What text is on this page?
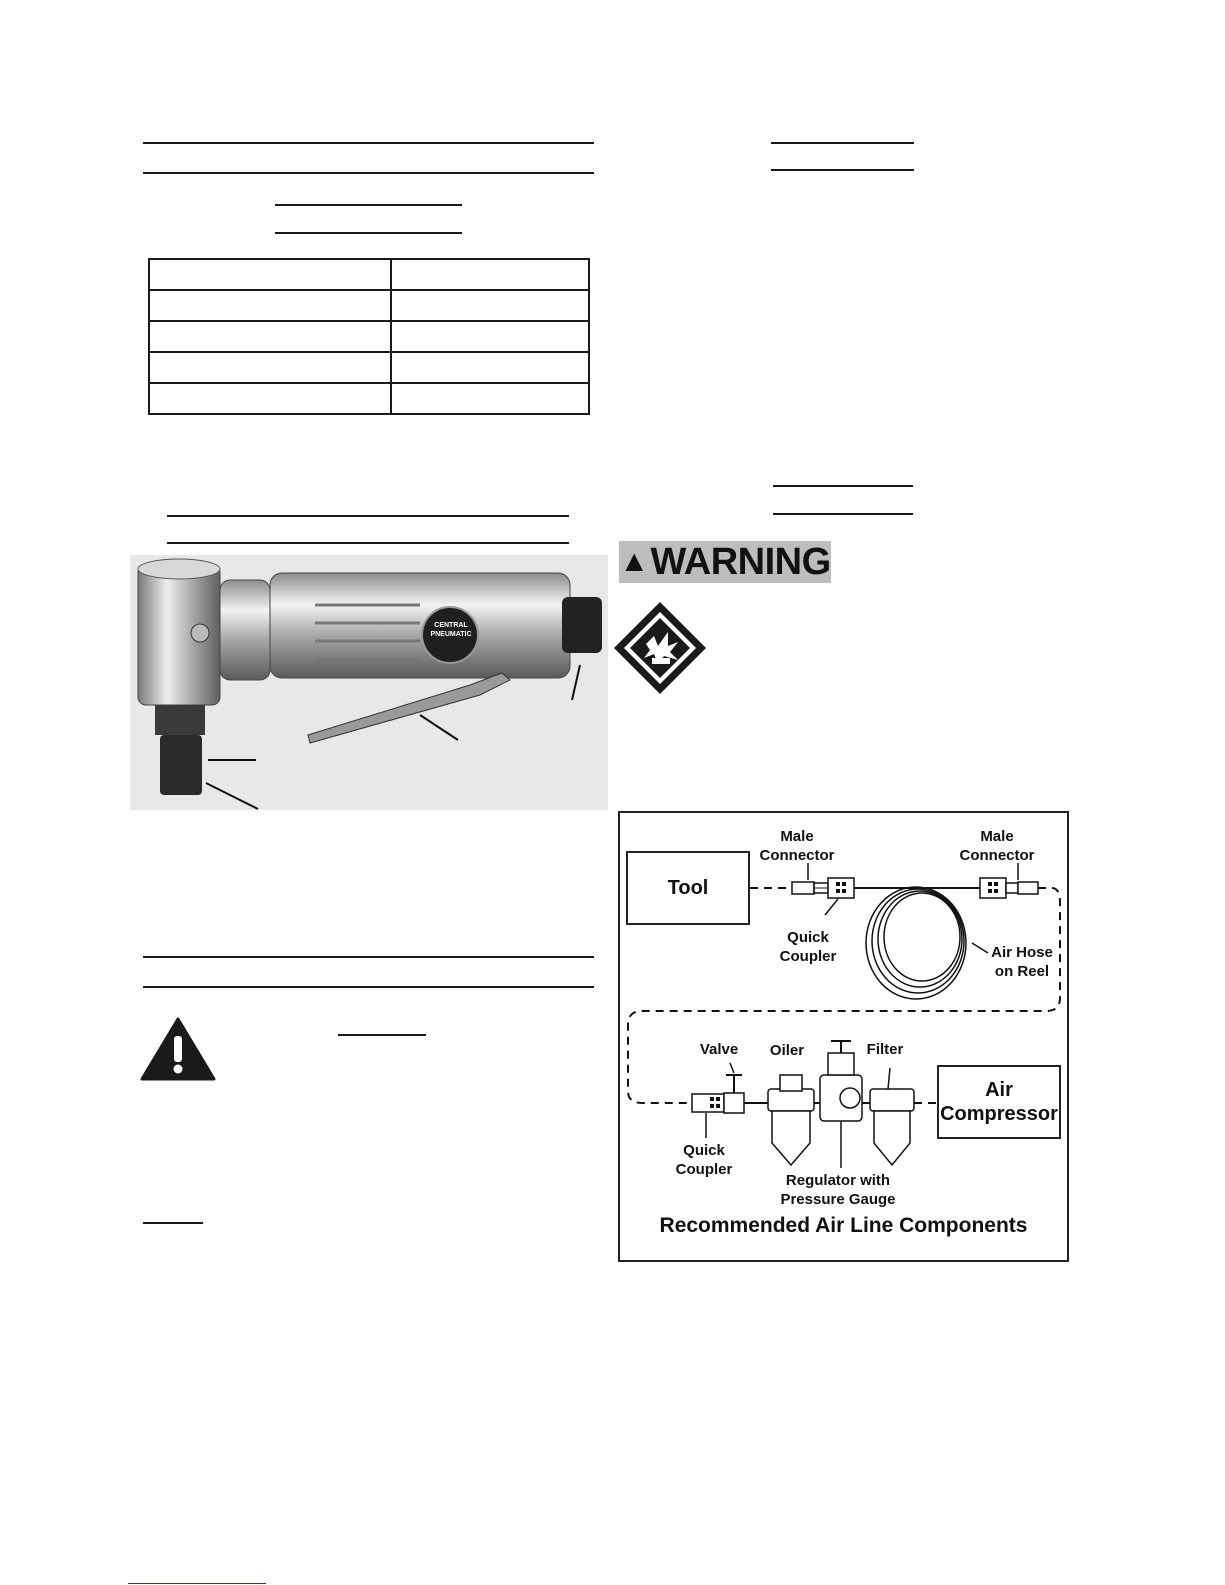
CENTRAL
PNEUMATIC
▲ WARNING
Tool
Air
Compressor
Male
Connector
Male
Connector
Quick
Coupler	Air Hose
on Reel
Valve	Oiler	Filter
Quick
Coupler
Regulator with
Pressure Gauge
Recommended Air Line Components
